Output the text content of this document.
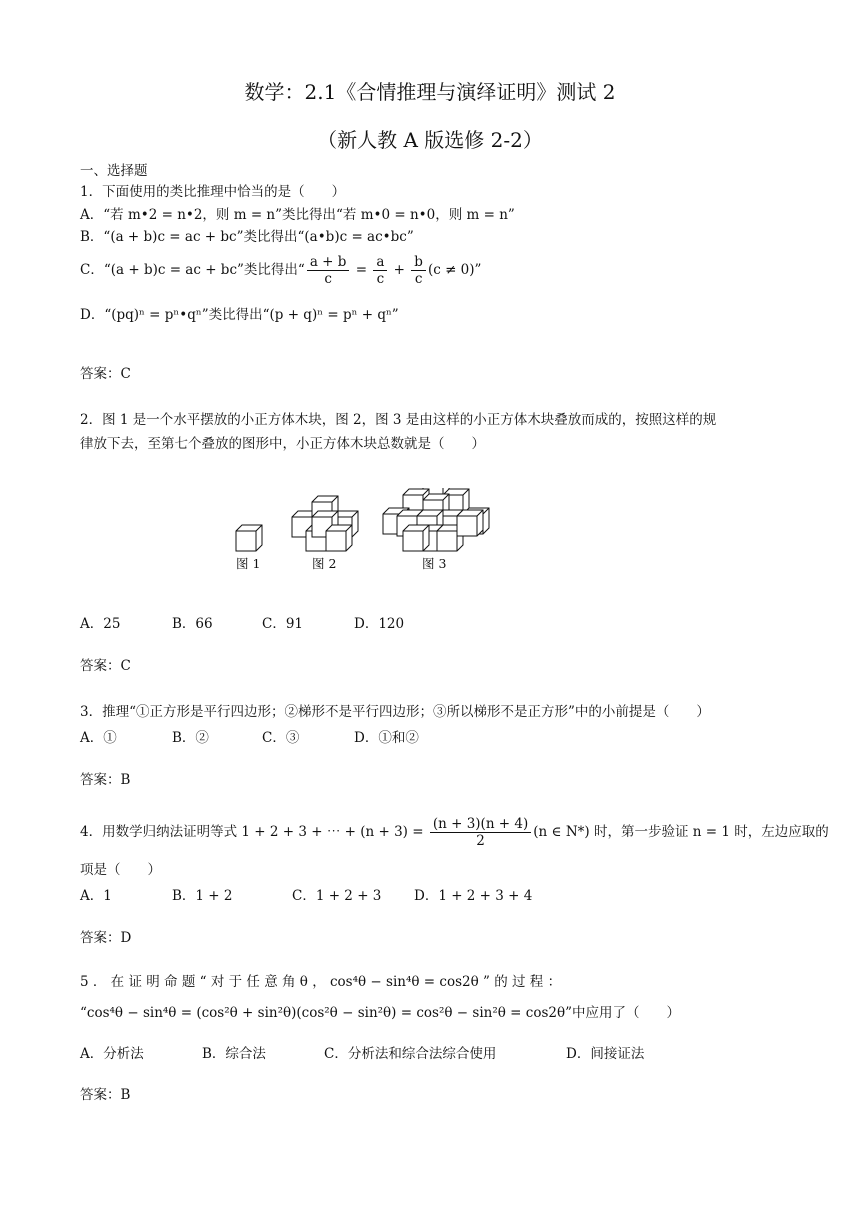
数学：2.1《合情推理与演绎证明》测试 2
（新人教 A 版选修 2-2）
一、选择题
1．下面使用的类比推理中恰当的是（　　）
A．“若 m•2 = n•2，则 m = n”类比得出“若 m•0 = n•0，则 m = n”
B．“(a + b)c = ac + bc”类比得出“(a•b)c = ac•bc”
C．“(a + b)c = ac + bc”类比得出“ $\frac{a + b}{c} = \frac{a}{c} + \frac{b}{c} (c \ne 0)$”
D．“(pq)ⁿ = pⁿ•qⁿ”类比得出“(p + q)ⁿ = pⁿ + qⁿ”
答案：C
2．图 1 是一个水平摆放的小正方体木块，图 2，图 3 是由这样的小正方体木块叠放而成的，按照这样的规
律放下去，至第七个叠放的图形中，小正方体木块总数就是（　　）
图 1	图 2	图 3
A．25	B．66	C．91	D．120
答案：C
3．推理“①正方形是平行四边形；②梯形不是平行四边形；③所以梯形不是正方形”中的小前提是（　　）
A．①	B．②	C．③	D．①和②
答案：B
4．用数学归纳法证明等式 1 + 2 + 3 + ⋯ + $(n + 3) = \frac{(n + 3)(n + 4)}{2} (n$ ∈ N*) 时，第一步验证 n = 1 时，左边应取的
项是（　　）
A．1	B．1 + 2	C．1 + 2 + 3 D．1 + 2 + 3 + 4
答案：D
5 ． 在 证 明 命 题 “ 对 于 任 意 角 θ ， cos⁴θ − sin⁴θ = cos2θ ” 的 过 程 ：
“cos⁴θ − sin⁴θ = (cos²θ + sin²θ)(cos²θ − sin²θ) = cos²θ − sin²θ = cos2θ”中应用了（　　）
A．分析法	B．综合法	C．分析法和综合法综合使用	D．间接证法
答案：B
